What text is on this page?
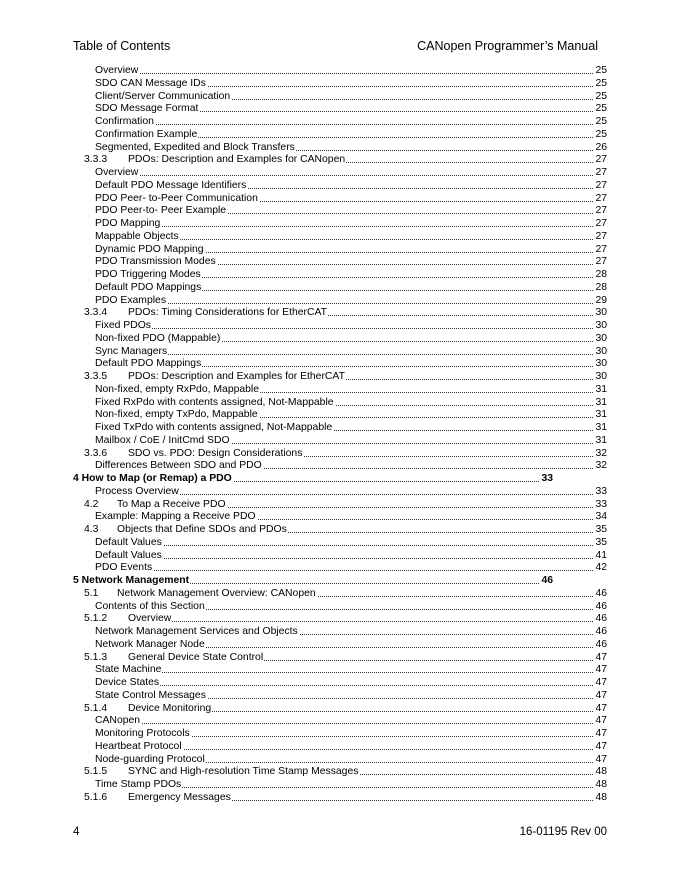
Table of Contents	CANopen Programmer’s Manual
Overview	25
SDO CAN Message IDs	25
Client/Server Communication	25
SDO Message Format	25
Confirmation	25
Confirmation Example	25
Segmented, Expedited and Block Transfers	26
3.3.3 PDOs: Description and Examples for CANopen	27
Overview	27
Default PDO Message Identifiers	27
PDO Peer- to-Peer Communication	27
PDO Peer-to- Peer Example	27
PDO Mapping	27
Mappable Objects	27
Dynamic PDO Mapping	27
PDO Transmission Modes	27
PDO Triggering Modes	28
Default PDO Mappings	28
PDO Examples	29
3.3.4 PDOs: Timing Considerations for EtherCAT	30
Fixed PDOs	30
Non-fixed PDO (Mappable)	30
Sync Managers	30
Default PDO Mappings	30
3.3.5 PDOs: Description and Examples for EtherCAT	30
Non-fixed, empty RxPdo, Mappable	31
Fixed RxPdo with contents assigned, Not-Mappable	31
Non-fixed, empty TxPdo, Mappable	31
Fixed TxPdo with contents assigned, Not-Mappable	31
Mailbox / CoE / InitCmd SDO	31
3.3.6 SDO vs. PDO: Design Considerations	32
Differences Between SDO and PDO	32
4 How to Map (or Remap) a PDO	33
Process Overview	33
4.2 To Map a Receive PDO	33
Example: Mapping a Receive PDO	34
4.3 Objects that Define SDOs and PDOs	35
Default Values	35
Default Values	41
PDO Events	42
5 Network Management	46
5.1 Network Management Overview: CANopen	46
Contents of this Section	46
5.1.2 Overview	46
Network Management Services and Objects	46
Network Manager Node	46
5.1.3 General Device State Control	47
State Machine	47
Device States	47
State Control Messages	47
5.1.4 Device Monitoring	47
CANopen	47
Monitoring Protocols	47
Heartbeat Protocol	47
Node-guarding Protocol	47
5.1.5 SYNC and High-resolution Time Stamp Messages	48
Time Stamp PDOs	48
5.1.6 Emergency Messages	48
4	16-01195 Rev 00
